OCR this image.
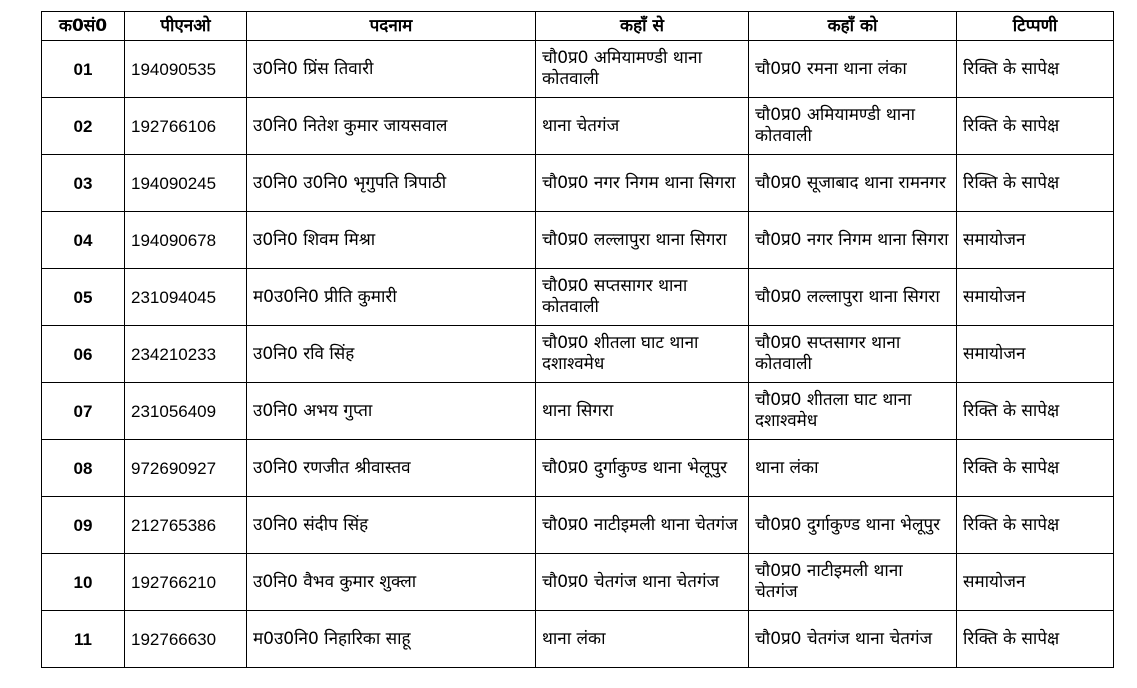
क0सं0	पीएनओ	पदनाम	कहाँ से	कहाँ को	टिप्पणी
01	194090535	उ0नि0 प्रिंस तिवारी	चौ0प्र0 अमियामण्डी थाना कोतवाली	चौ0प्र0 रमना थाना लंका	रिक्ति के सापेक्ष
02	192766106	उ0नि0 नितेश कुमार जायसवाल	थाना चेतगंज	चौ0प्र0 अमियामण्डी थाना कोतवाली	रिक्ति के सापेक्ष
03	194090245	उ0नि0 उ0नि0 भृगुपति त्रिपाठी	चौ0प्र0 नगर निगम थाना सिगरा	चौ0प्र0 सूजाबाद थाना रामनगर	रिक्ति के सापेक्ष
04	194090678	उ0नि0 शिवम मिश्रा	चौ0प्र0 लल्लापुरा थाना सिगरा	चौ0प्र0 नगर निगम थाना सिगरा	समायोजन
05	231094045	म0उ0नि0 प्रीति कुमारी	चौ0प्र0 सप्तसागर थाना कोतवाली	चौ0प्र0 लल्लापुरा थाना सिगरा	समायोजन
06	234210233	उ0नि0 रवि सिंह	चौ0प्र0 शीतला घाट थाना दशाश्वमेध	चौ0प्र0 सप्तसागर थाना कोतवाली	समायोजन
07	231056409	उ0नि0 अभय गुप्ता	थाना सिगरा	चौ0प्र0 शीतला घाट थाना दशाश्वमेध	रिक्ति के सापेक्ष
08	972690927	उ0नि0 रणजीत श्रीवास्तव	चौ0प्र0 दुर्गाकुण्ड थाना भेलूपुर	थाना लंका	रिक्ति के सापेक्ष
09	212765386	उ0नि0 संदीप सिंह	चौ0प्र0 नाटीइमली थाना चेतगंज	चौ0प्र0 दुर्गाकुण्ड थाना भेलूपुर	रिक्ति के सापेक्ष
10	192766210	उ0नि0 वैभव कुमार शुक्ला	चौ0प्र0 चेतगंज थाना चेतगंज	चौ0प्र0 नाटीइमली थाना चेतगंज	समायोजन
11	192766630	म0उ0नि0 निहारिका साहू	थाना लंका	चौ0प्र0 चेतगंज थाना चेतगंज	रिक्ति के सापेक्ष
